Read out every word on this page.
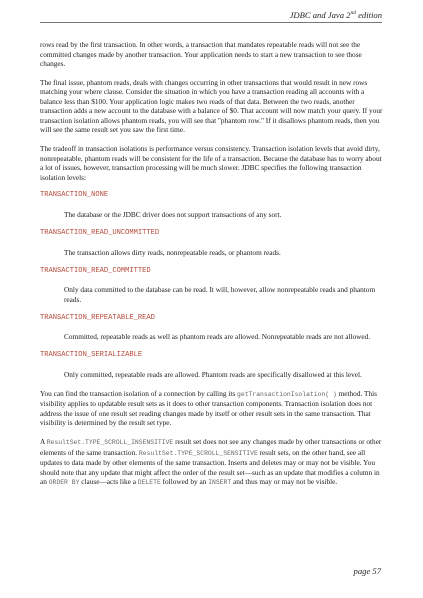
JDBC and Java 2nd edition

rows read by the first transaction. In other words, a transaction that mandates repeatable reads will not see the committed changes made by another transaction. Your application needs to start a new transaction to see those changes.

The final issue, phantom reads, deals with changes occurring in other transactions that would result in new rows matching your where clause. Consider the situation in which you have a transaction reading all accounts with a balance less than $100. Your application logic makes two reads of that data. Between the two reads, another transaction adds a new account to the database with a balance of $0. That account will now match your query. If your transaction isolation allows phantom reads, you will see that "phantom row." If it disallows phantom reads, then you will see the same result set you saw the first time.

The tradeoff in transaction isolations is performance versus consistency. Transaction isolation levels that avoid dirty, nonrepeatable, phantom reads will be consistent for the life of a transaction. Because the database has to worry about a lot of issues, however, transaction processing will be much slower. JDBC specifies the following transaction isolation levels:

TRANSACTION_NONE

The database or the JDBC driver does not support transactions of any sort.

TRANSACTION_READ_UNCOMMITTED

The transaction allows dirty reads, nonrepeatable reads, or phantom reads.

TRANSACTION_READ_COMMITTED

Only data committed to the database can be read. It will, however, allow nonrepeatable reads and phantom reads.

TRANSACTION_REPEATABLE_READ

Committed, repeatable reads as well as phantom reads are allowed. Nonrepeatable reads are not allowed.

TRANSACTION_SERIALIZABLE

Only committed, repeatable reads are allowed. Phantom reads are specifically disallowed at this level.

You can find the transaction isolation of a connection by calling its getTransactionIsolation( ) method. This visibility applies to updatable result sets as it does to other transaction components. Transaction isolation does not address the issue of one result set reading changes made by itself or other result sets in the same transaction. That visibility is determined by the result set type.

A ResultSet.TYPE_SCROLL_INSENSITIVE result set does not see any changes made by other transactions or other elements of the same transaction. ResultSet.TYPE_SCROLL_SENSITIVE result sets, on the other hand, see all updates to data made by other elements of the same transaction. Inserts and deletes may or may not be visible. You should note that any update that might affect the order of the result set—such as an update that modifies a column in an ORDER BY clause—acts like a DELETE followed by an INSERT and thus may or may not be visible.

page 57
